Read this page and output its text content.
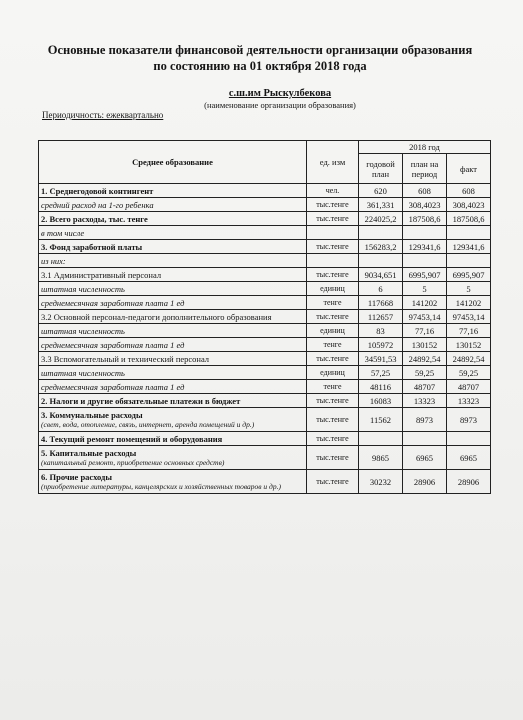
Основные показатели финансовой деятельности организации образования по состоянию на 01 октября 2018 года
с.ш.им Рыскулбекова
(наименование организации образования)
Периодичность: ежеквартально
Среднее образование	ед. изм	2018 год		
		годовой план	план на период	факт
1. Среднегодовой контингент	чел.	620	608	608
средний расход на 1-го ребенка	тыс.тенге	361,331	308,4023	308,4023
2. Всего расходы, тыс. тенге	тыс.тенге	224025,2	187508,6	187508,6
в том числе				
3. Фонд заработной платы	тыс.тенге	156283,2	129341,6	129341,6
из них:				
3.1 Административный персонал	тыс.тенге	9034,651	6995,907	6995,907
штатная численность	единиц	6	5	5
среднемесячная заработная плата 1 ед	тенге	117668	141202	141202
3.2 Основной персонал-педагоги дополнительного образования	тыс.тенге	112657	97453,14	97453,14
штатная численность	единиц	83	77,16	77,16
среднемесячная заработная плата 1 ед	тенге	105972	130152	130152
3.3 Вспомогательный и технический персонал	тыс.тенге	34591,53	24892,54	24892,54
штатная численность	единиц	57,25	59,25	59,25
среднемесячная заработная плата 1 ед	тенге	48116	48707	48707
2. Налоги и другие обязательные платежи в бюджет	тыс.тенге	16083	13323	13323
3. Коммунальные расходы
(свет, вода, отопление, связь, интернет, аренда помещений и др.)	тыс.тенге	11562	8973	8973
4. Текущий ремонт помещений и оборудования	тыс.тенге			
5. Капитальные расходы
(капитальный ремонт, приобретение основных средств)	тыс.тенге	9865	6965	6965
6. Прочие расходы
(приобретение литературы, канцелярских и хозяйственных товаров и др.)	тыс.тенге	30232	28906	28906
